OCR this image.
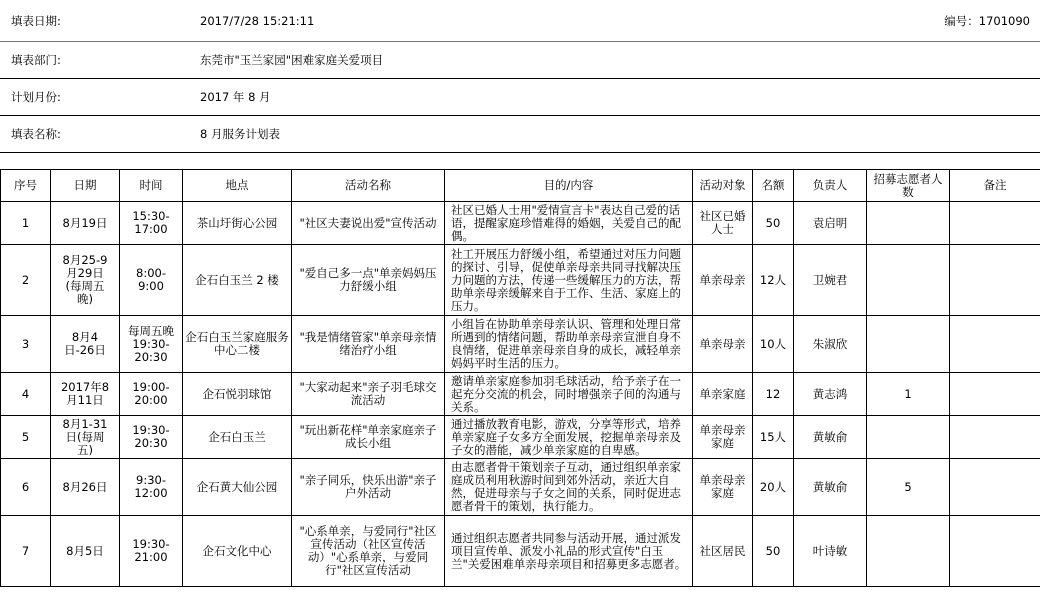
填表日期:	2017/7/28 15:21:11	编号：1701090
填表部门:	东莞市"玉兰家园"困难家庭关爱项目	
计划月份:	2017 年 8 月	
填表名称:	8 月服务计划表	
序号	日期	时间	地点	活动名称	目的/内容	活动对象	名额	负责人	招募志愿者人数	备注
1	8月19日	15:30-17:00	茶山圩街心公园	"社区夫妻说出爱"宣传活动	社区已婚人士用"爱情宣言卡"表达自己爱的话语，提醒家庭珍惜难得的婚姻，关爱自己的配偶。	社区已婚人士	50	袁启明		
2	8月25-9月29日(每周五晚)	8:00-9:00	企石白玉兰 2 楼	"爱自己多一点"单亲妈妈压力舒缓小组	社工开展压力舒缓小组，希望通过对压力问题的探讨、引导，促使单亲母亲共同寻找解决压力问题的方法，传递一些缓解压力的方法，帮助单亲母亲缓解来自于工作、生活、家庭上的压力。	单亲母亲	12人	卫婉君		
3	8月4日-26日	每周五晚19:30-20:30	企石白玉兰家庭服务中心二楼	"我是情绪管家"单亲母亲情绪治疗小组	小组旨在协助单亲母亲认识、管理和处理日常所遇到的情绪问题，帮助单亲母亲宣泄自身不良情绪，促进单亲母亲自身的成长，减轻单亲妈妈平时生活的压力。	单亲母亲	10人	朱淑欣		
4	2017年8月11日	19:00-20:00	企石悦羽球馆	"大家动起来"亲子羽毛球交流活动	邀请单亲家庭参加羽毛球活动，给予亲子在一起充分交流的机会，同时增强亲子间的沟通与关系。	单亲家庭	12	黄志鸿	1	
5	8月1-31日(每周五)	19:30-20:30	企石白玉兰	"玩出新花样"单亲家庭亲子成长小组	通过播放教育电影，游戏，分享等形式，培养单亲家庭子女多方全面发展，挖掘单亲母亲及子女的潜能，减少单亲家庭的自卑感。	单亲母亲家庭	15人	黄敏俞		
6	8月26日	9:30-12:00	企石黄大仙公园	"亲子同乐，快乐出游"亲子户外活动	由志愿者骨干策划亲子互动，通过组织单亲家庭成员利用秋游时间到郊外活动，亲近大自然，促进母亲与子女之间的关系，同时促进志愿者骨干的策划，执行能力。	单亲母亲家庭	20人	黄敏俞	5	
7	8月5日	19:30-21:00	企石文化中心	"心系单亲，与爱同行"社区宣传活动（社区宣传活动）"心系单亲，与爱同行"社区宣传活动	通过组织志愿者共同参与活动开展，通过派发项目宣传单、派发小礼品的形式宣传"白玉兰"关爱困难单亲母亲项目和招募更多志愿者。	社区居民	50	叶诗敏		
